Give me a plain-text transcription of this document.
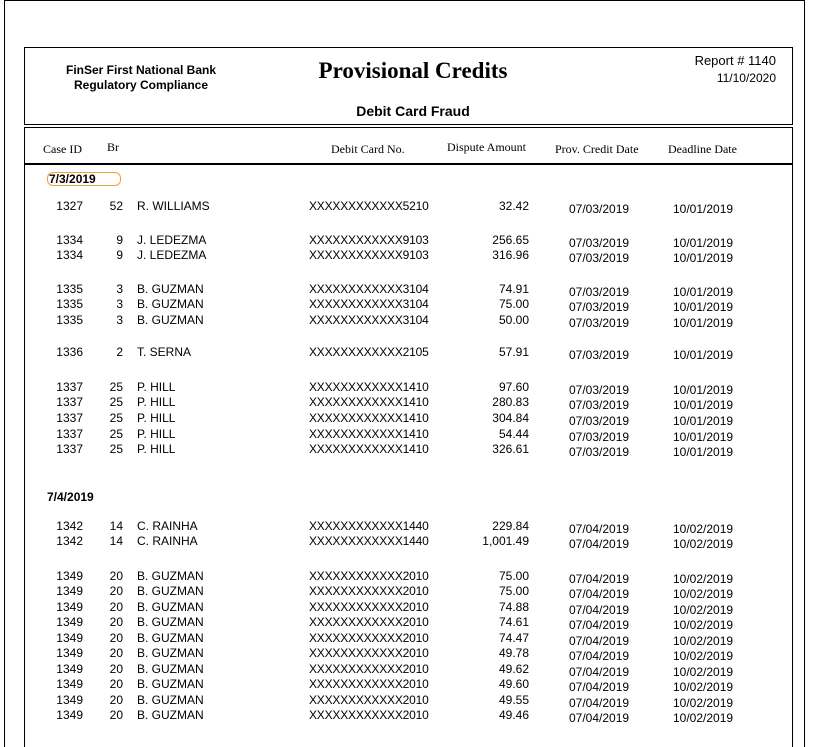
FinSer First National Bank
Regulatory Compliance
Provisional Credits	Report # 1140
11/10/2020
Debit Card Fraud
Case ID Br	Debit Card No.	Dispute Amount Prov. Credit Date Deadline Date
7/3/2019
1327	52 R. WILLIAMS	XXXXXXXXXXXX5210	32.42	07/03/2019	10/01/2019
1334	9 J. LEDEZMA	XXXXXXXXXXXX9103	256.65	07/03/2019	10/01/2019
1334	9 J. LEDEZMA	XXXXXXXXXXXX9103	316.96	07/03/2019	10/01/2019
1335	3 B. GUZMAN	XXXXXXXXXXXX3104	74.91	07/03/2019	10/01/2019
1335	3 B. GUZMAN	XXXXXXXXXXXX3104	75.00	07/03/2019	10/01/2019
1335	3 B. GUZMAN	XXXXXXXXXXXX3104	50.00	07/03/2019	10/01/2019
1336	2 T. SERNA	XXXXXXXXXXXX2105	57.91	07/03/2019	10/01/2019
1337	25 P. HILL	XXXXXXXXXXXX1410	97.60	07/03/2019	10/01/2019
1337	25 P. HILL	XXXXXXXXXXXX1410	280.83	07/03/2019	10/01/2019
1337	25 P. HILL	XXXXXXXXXXXX1410	304.84	07/03/2019	10/01/2019
1337	25 P. HILL	XXXXXXXXXXXX1410	54.44	07/03/2019	10/01/2019
1337	25 P. HILL	XXXXXXXXXXXX1410	326.61	07/03/2019	10/01/2019
7/4/2019
1342	14 C. RAINHA	XXXXXXXXXXXX1440	229.84	07/04/2019	10/02/2019
1342	14 C. RAINHA	XXXXXXXXXXXX1440	1,001.49	07/04/2019	10/02/2019
1349	20 B. GUZMAN	XXXXXXXXXXXX2010	75.00	07/04/2019	10/02/2019
1349	20 B. GUZMAN	XXXXXXXXXXXX2010	75.00	07/04/2019	10/02/2019
1349	20 B. GUZMAN	XXXXXXXXXXXX2010	74.88	07/04/2019	10/02/2019
1349	20 B. GUZMAN	XXXXXXXXXXXX2010	74.61	07/04/2019	10/02/2019
1349	20 B. GUZMAN	XXXXXXXXXXXX2010	74.47	07/04/2019	10/02/2019
1349	20 B. GUZMAN	XXXXXXXXXXXX2010	49.78	07/04/2019	10/02/2019
1349	20 B. GUZMAN	XXXXXXXXXXXX2010	49.62	07/04/2019	10/02/2019
1349	20 B. GUZMAN	XXXXXXXXXXXX2010	49.60	07/04/2019	10/02/2019
1349	20 B. GUZMAN	XXXXXXXXXXXX2010	49.55	07/04/2019	10/02/2019
1349	20 B. GUZMAN	XXXXXXXXXXXX2010	49.46	07/04/2019	10/02/2019
